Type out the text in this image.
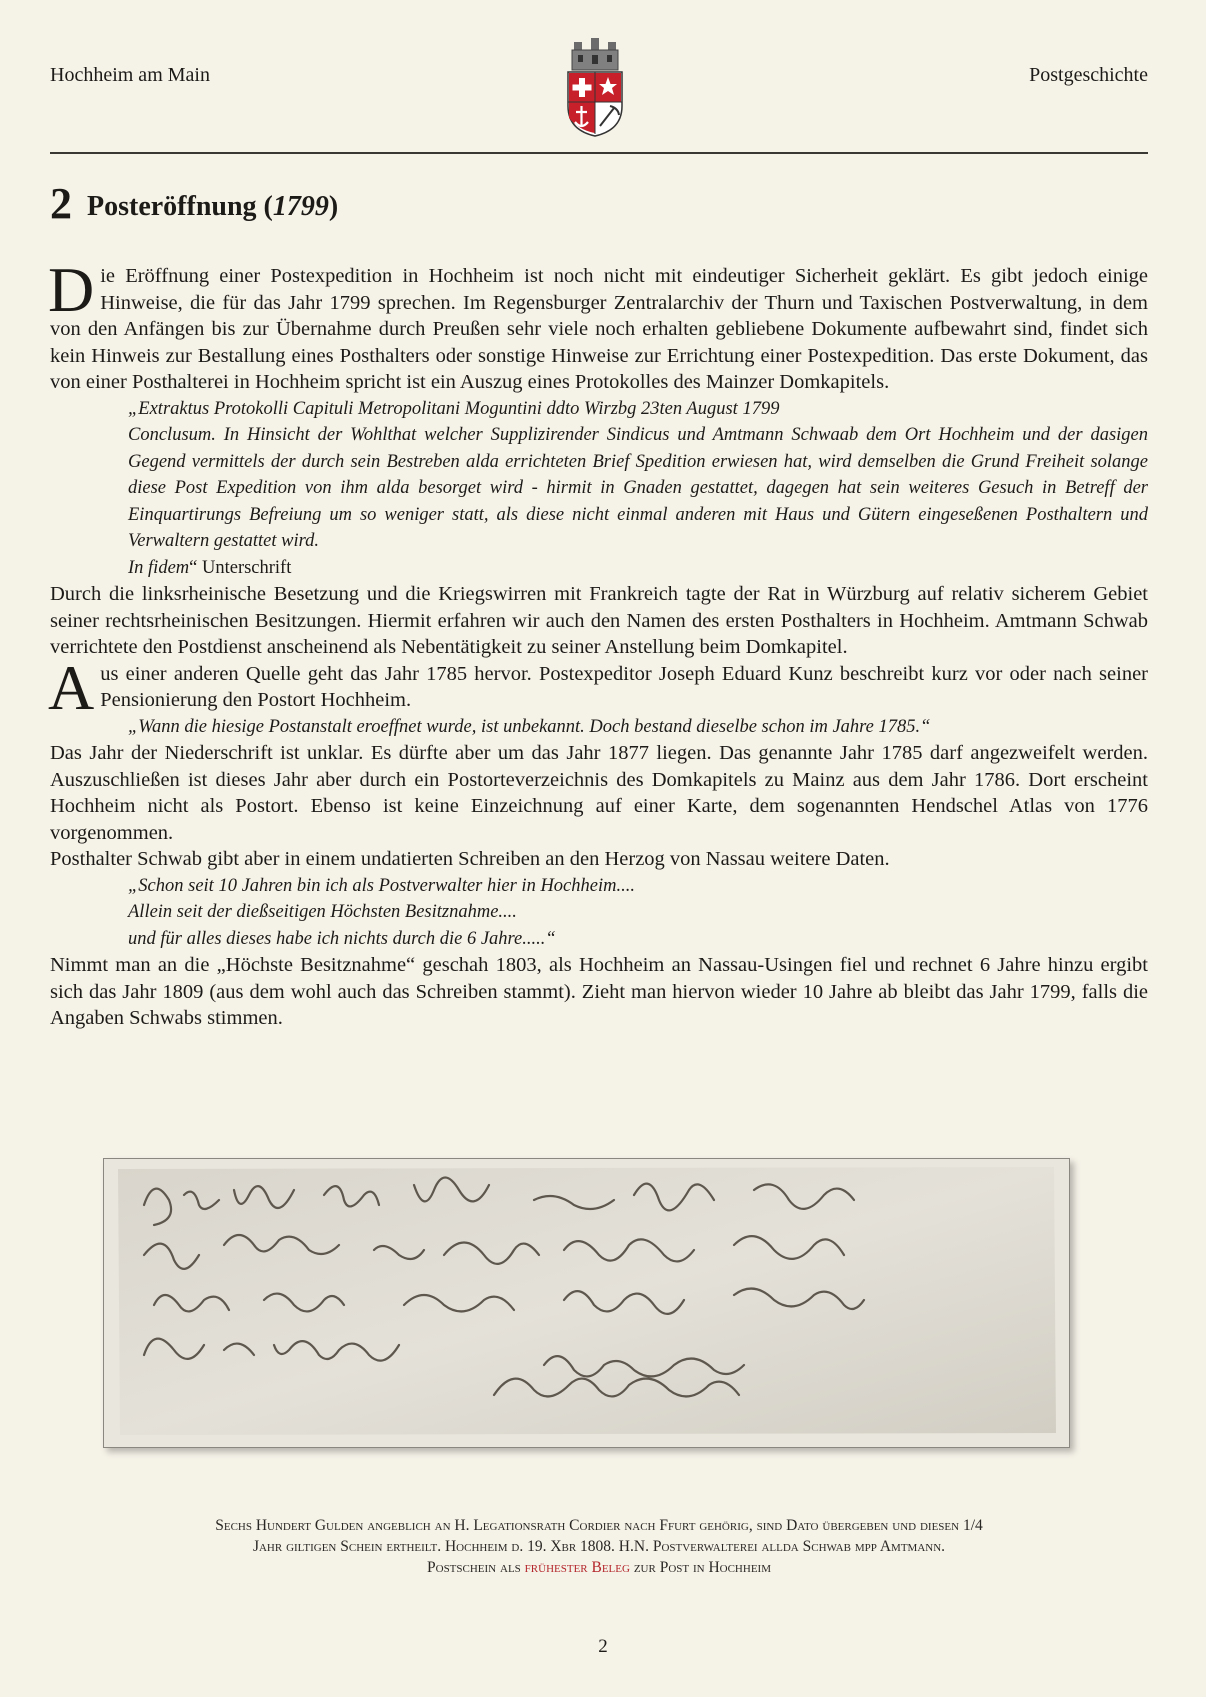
Hochheim am Main	Postgeschichte
2 Posteröffnung (1799)

Die Eröffnung einer Postexpedition in Hochheim ist noch nicht mit eindeutiger Sicherheit geklärt. Es gibt jedoch einige Hinweise, die für das Jahr 1799 sprechen. Im Regensburger Zentralarchiv der Thurn und Taxischen Postverwaltung, in dem von den Anfängen bis zur Übernahme durch Preußen sehr viele noch erhalten gebliebene Dokumente aufbewahrt sind, findet sich kein Hinweis zur Bestallung eines Posthalters oder sonstige Hinweise zur Errichtung einer Postexpedition. Das erste Dokument, das von einer Posthalterei in Hochheim spricht ist ein Auszug eines Protokolles des Mainzer Domkapitels.

„Extraktus Protokolli Capituli Metropolitani Moguntini ddto Wirzbg 23ten August 1799
Conclusum. In Hinsicht der Wohlthat welcher Supplizirender Sindicus und Amtmann Schwaab dem Ort Hochheim und der dasigen Gegend vermittels der durch sein Bestreben alda errichteten Brief Spedition erwiesen hat, wird demselben die Grund Freiheit solange diese Post Expedition von ihm alda besorget wird - hirmit in Gnaden gestattet, dagegen hat sein weiteres Gesuch in Betreff der Einquartirungs Befreiung um so weniger statt, als diese nicht einmal anderen mit Haus und Gütern eingeseßenen Posthaltern und Verwaltern gestattet wird.
In fidem“ Unterschrift

Durch die linksrheinische Besetzung und die Kriegswirren mit Frankreich tagte der Rat in Würzburg auf relativ sicherem Gebiet seiner rechtsrheinischen Besitzungen. Hiermit erfahren wir auch den Namen des ersten Posthalters in Hochheim. Amtmann Schwab verrichtete den Postdienst anscheinend als Nebentätigkeit zu seiner Anstellung beim Domkapitel.

Aus einer anderen Quelle geht das Jahr 1785 hervor. Postexpeditor Joseph Eduard Kunz beschreibt kurz vor oder nach seiner Pensionierung den Postort Hochheim.

„Wann die hiesige Postanstalt eroeffnet wurde, ist unbekannt. Doch bestand dieselbe schon im Jahre 1785.“

Das Jahr der Niederschrift ist unklar. Es dürfte aber um das Jahr 1877 liegen. Das genannte Jahr 1785 darf angezweifelt werden. Auszuschließen ist dieses Jahr aber durch ein Postorteverzeichnis des Domkapitels zu Mainz aus dem Jahr 1786. Dort erscheint Hochheim nicht als Postort. Ebenso ist keine Einzeichnung auf einer Karte, dem sogenannten Hendschel Atlas von 1776 vorgenommen.

Posthalter Schwab gibt aber in einem undatierten Schreiben an den Herzog von Nassau weitere Daten.

„Schon seit 10 Jahren bin ich als Postverwalter hier in Hochheim....
Allein seit der dießseitigen Höchsten Besitznahme....
und für alles dieses habe ich nichts durch die 6 Jahre.....“

Nimmt man an die „Höchste Besitznahme“ geschah 1803, als Hochheim an Nassau-Usingen fiel und rechnet 6 Jahre hinzu ergibt sich das Jahr 1809 (aus dem wohl auch das Schreiben stammt). Zieht man hiervon wieder 10 Jahre ab bleibt das Jahr 1799, falls die Angaben Schwabs stimmen.

Sechs Hundert Gulden angeblich an H. Legationsrath Cordier nach Ffurt gehörig, sind Dato übergeben und diesen 1/4

Jahr giltigen Schein ertheilt. Hochheim d. 19. Xbr 1808. H.N. Postverwalterei allda Schwab mpp Amtmann.

Postschein als frühester Beleg zur Post in Hochheim

2
